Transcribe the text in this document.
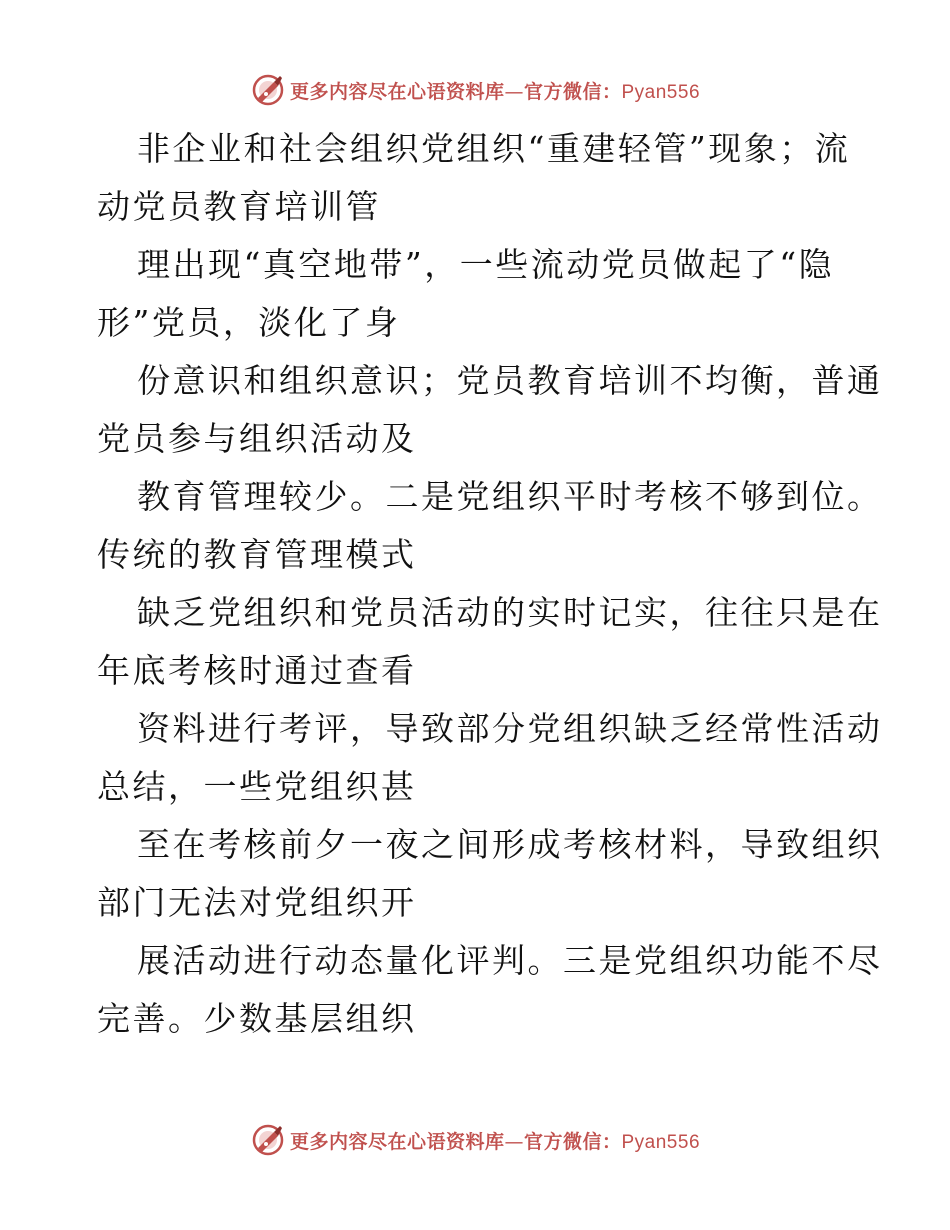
更多内容尽在心语资料库—官方微信：Pyan556

非企业和社会组织党组织“重建轻管”现象；流
动党员教育培训管

理出现“真空地带”，一些流动党员做起了“隐
形”党员，淡化了身

份意识和组织意识；党员教育培训不均衡，普通
党员参与组织活动及

教育管理较少。二是党组织平时考核不够到位。
传统的教育管理模式

缺乏党组织和党员活动的实时记实，往往只是在
年底考核时通过查看

资料进行考评，导致部分党组织缺乏经常性活动
总结，一些党组织甚

至在考核前夕一夜之间形成考核材料，导致组织
部门无法对党组织开

展活动进行动态量化评判。三是党组织功能不尽
完善。少数基层组织

更多内容尽在心语资料库—官方微信：Pyan556
